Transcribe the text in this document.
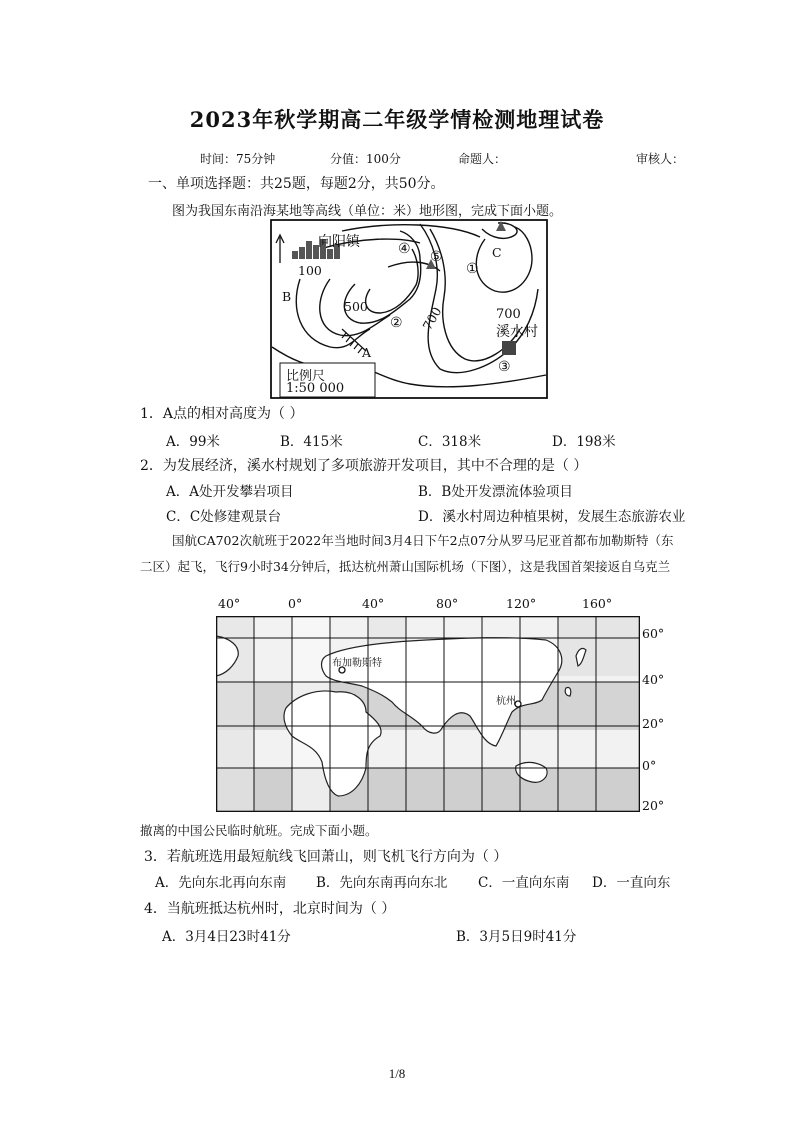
2023年秋学期高二年级学情检测地理试卷
时间：75分钟	分值：100分	命题人：	审核人：
一、单项选择题：共25题，每题2分，共50分。
图为我国东南沿海某地等高线（单位：米）地形图，完成下面小题。
向阳镇
100
500	700	700
溪水村
A
B
C
①
②
③
④ ⑤
比例尺
1:50 000
1．A点的相对高度为（ ）
A．99米	B．415米	C．318米	D．198米
2．为发展经济，溪水村规划了多项旅游开发项目，其中不合理的是（ ）
A．A处开发攀岩项目	B．B处开发漂流体验项目
C．C处修建观景台	D．溪水村周边种植果树，发展生态旅游农业
国航CA702次航班于2022年当地时间3月4日下午2点07分从罗马尼亚首都布加勒斯特（东
二区）起飞，飞行9小时34分钟后，抵达杭州萧山国际机场（下图），这是我国首架接返自乌克兰
40°	0°	40°	80°	120°	160°
布加勒斯特
杭州
60°
40°
20°
0°
20°
撤离的中国公民临时航班。完成下面小题。
3．若航班选用最短航线飞回萧山，则飞机飞行方向为（ ）
A．先向东北再向东南 B．先向东南再向东北 C．一直向东南 D．一直向东
4．当航班抵达杭州时，北京时间为（ ）
A．3月4日23时41分	B．3月5日9时41分
1/8
